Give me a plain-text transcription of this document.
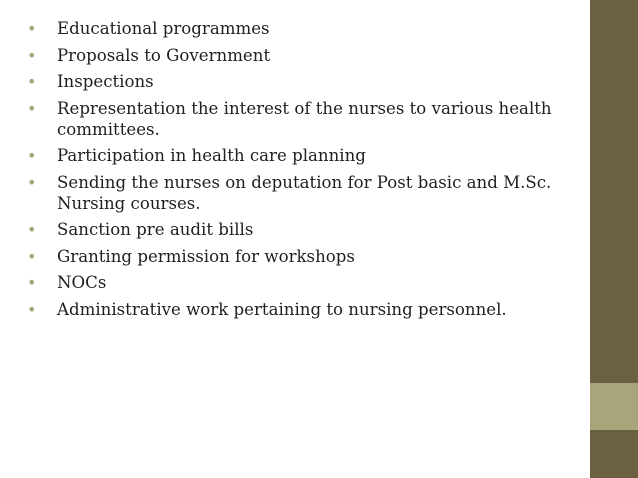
• Educational programmes
• Proposals to Government
• Inspections
• Representation the interest of the nurses to various health committees.
• Participation in health care planning
• Sending the nurses on deputation for Post basic and M.Sc. Nursing courses.
• Sanction pre audit bills
• Granting permission for workshops
• NOCs
• Administrative work pertaining to nursing personnel.
